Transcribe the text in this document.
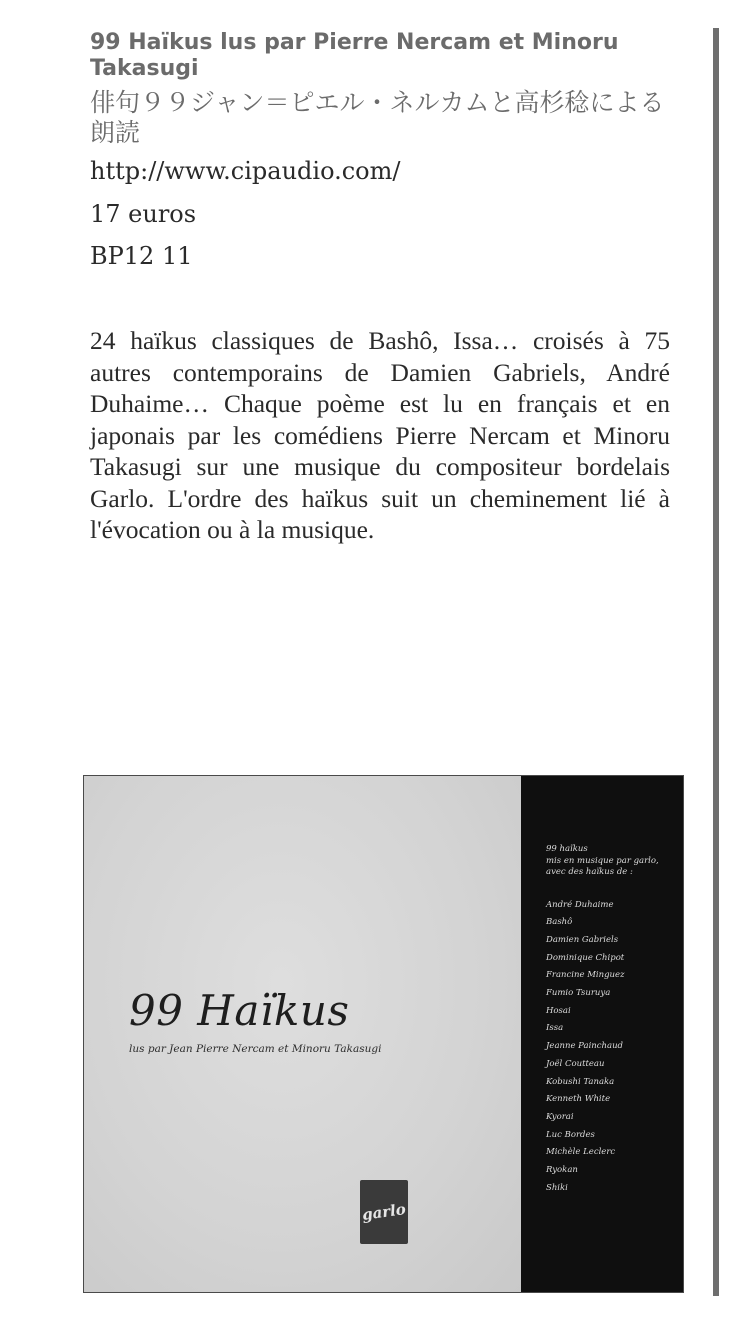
99 Haïkus lus par Pierre Nercam et Minoru Takasugi
俳句９９ジャン＝ピエル・ネルカムと高杉稔による朗読
http://www.cipaudio.com/
17 euros
BP12 11
24 haïkus classiques de Bashô, Issa… croisés à 75 autres contemporains de Damien Gabriels, André Duhaime… Chaque poème est lu en français et en japonais par les comédiens Pierre Nercam et Minoru Takasugi sur une musique du compositeur bordelais Garlo. L'ordre des haïkus suit un cheminement lié à l'évocation ou à la musique.
99 Haïkus
lus par Jean Pierre Nercam et Minoru Takasugi
garlo
99 haïkus
mis en musique par garlo,
avec des haïkus de :
André Duhaime
Bashô
Damien Gabriels
Dominique Chipot
Francine Minguez
Fumio Tsuruya
Hosai
Issa
Jeanne Painchaud
Joël Coutteau
Kobushi Tanaka
Kenneth White
Kyorai
Luc Bordes
Michèle Leclerc
Ryokan
Shiki
